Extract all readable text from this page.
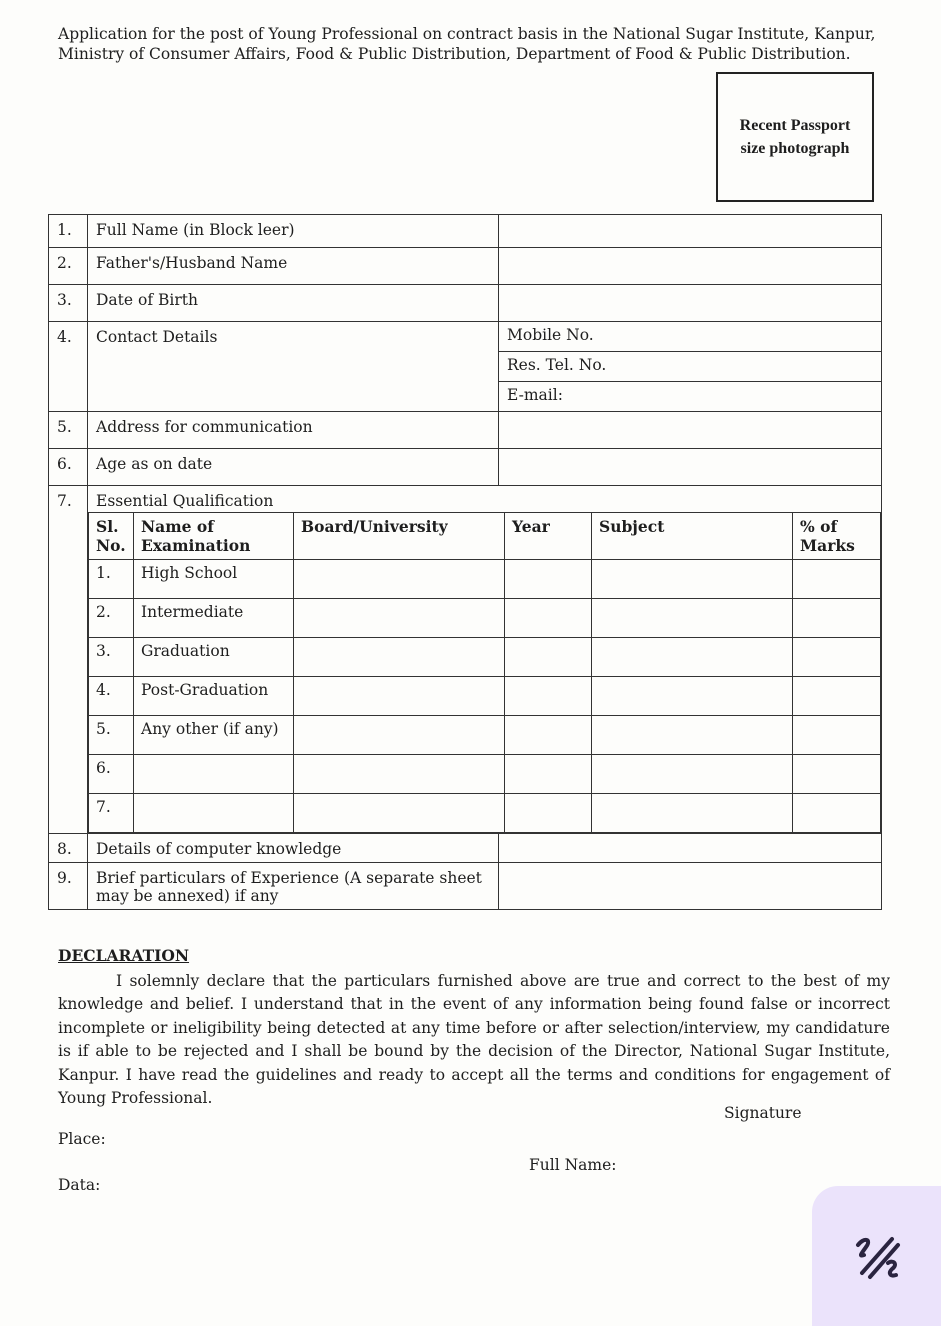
Application for the post of Young Professional on contract basis in the National Sugar Institute, Kanpur,
Ministry of Consumer Affairs, Food & Public Distribution, Department of Food & Public Distribution.
Recent Passport
size photograph
1.	Full Name (in Block leer)	
2.	Father's/Husband Name	
3.	Date of Birth	
4.	Contact Details	Mobile No.
Res. Tel. No.
E-mail:
5.	Address for communication	
6.	Age as on date	
7.	Essential Qualification
Sl. No.	Name of Examination	Board/University	Year	Subject	% of Marks
1.	High School				
2.	Intermediate				
3.	Graduation				
4.	Post-Graduation				
5.	Any other (if any)				
6.					
7.					

8.	Details of computer knowledge	
9.	Brief particulars of Experience (A separate sheet may be annexed) if any	
DECLARATION

I solemnly declare that the particulars furnished above are true and correct to the best of my knowledge and belief. I understand that in the event of any information being found false or incorrect incomplete or ineligibility being detected at any time before or after selection/interview, my candidature is if able to be rejected and I shall be bound by the decision of the Director, National Sugar Institute, Kanpur. I have read the guidelines and ready to accept all the terms and conditions for engagement of Young Professional.

Signature
Place:
Full Name:
Data:
